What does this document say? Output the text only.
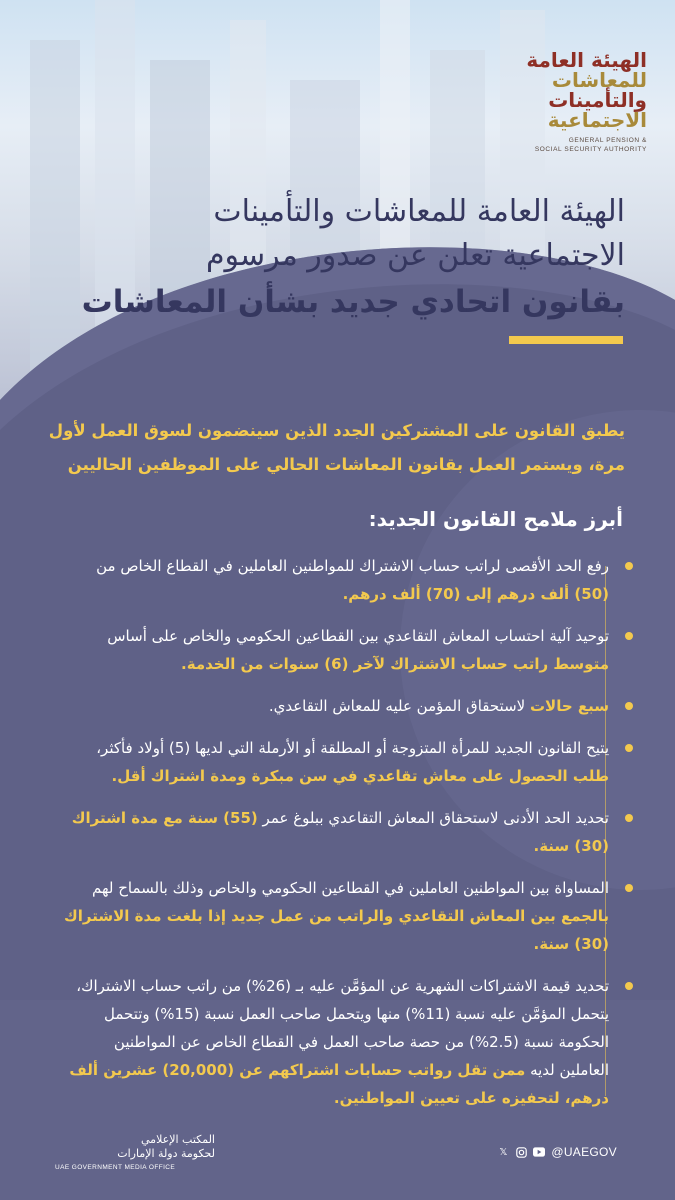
الهيئة العامة
للمعاشات
والتأمينات
الاجتماعية
GENERAL PENSION &
SOCIAL SECURITY AUTHORITY
الهيئة العامة للمعاشات والتأمينات
الاجتماعية تعلن عن صدور مرسوم
بقانون اتحادي جديد بشأن المعاشات
يطبق القانون على المشتركين الجدد الذين سينضمون لسوق العمل لأول مرة، ويستمر العمل بقانون المعاشات الحالي على الموظفين الحاليين
أبرز ملامح القانون الجديد:
رفع الحد الأقصى لراتب حساب الاشتراك للمواطنين العاملين في القطاع الخاص من (50) ألف درهم إلى (70) ألف درهم.
توحيد آلية احتساب المعاش التقاعدي بين القطاعين الحكومي والخاص على أساس متوسط راتب حساب الاشتراك لآخر (6) سنوات من الخدمة.
سبع حالات لاستحقاق المؤمن عليه للمعاش التقاعدي.
يتيح القانون الجديد للمرأة المتزوجة أو المطلقة أو الأرملة التي لديها (5) أولاد فأكثر، طلب الحصول على معاش تقاعدي في سن مبكرة ومدة اشتراك أقل.
تحديد الحد الأدنى لاستحقاق المعاش التقاعدي ببلوغ عمر (55) سنة مع مدة اشتراك (30) سنة.
المساواة بين المواطنين العاملين في القطاعين الحكومي والخاص وذلك بالسماح لهم بالجمع بين المعاش التقاعدي والراتب من عمل جديد إذا بلغت مدة الاشتراك (30) سنة.
تحديد قيمة الاشتراكات الشهرية عن المؤمَّن عليه بـ (26%) من راتب حساب الاشتراك، يتحمل المؤمَّن عليه نسبة (11%) منها ويتحمل صاحب العمل نسبة (15%) وتتحمل الحكومة نسبة (2.5%) من حصة صاحب العمل في القطاع الخاص عن المواطنين العاملين لديه ممن تقل رواتب حسابات اشتراكهم عن (20,000) عشرين ألف درهم، لتحفيزه على تعيين المواطنين.
المكتب الإعلامي
لحكومة دولة الإمارات
UAE GOVERNMENT MEDIA OFFICE
𝕏	@UAEGOV
